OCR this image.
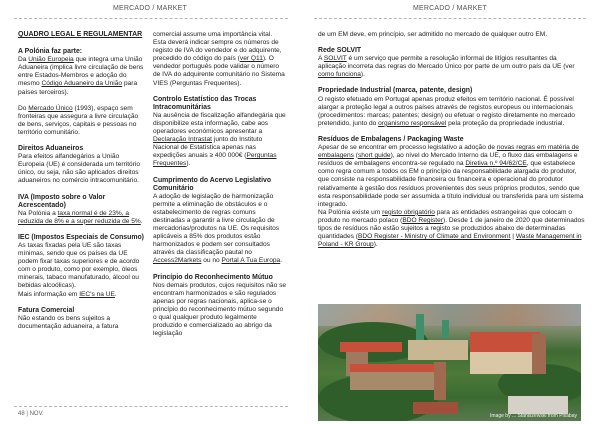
MERCADO / MARKET
QUADRO LEGAL E REGULAMENTAR

A Polónia faz parte:
Da União Europeia que integra uma União Aduaneira (implica livre circulação de bens entre Estados-Membros e adoção do mesmo Código Aduaneiro da União para países terceiros).

Do Mercado Único (1993), espaço sem fronteiras que assegura a livre circulação de bens, serviços, capitais e pessoas no território comunitário.

Direitos Aduaneiros
Para efeitos alfandegários a União Europeia (UE) é considerada um território único, ou seja, não são aplicados direitos aduaneiros no comércio intracomunitário.

IVA (Imposto sobre o Valor Acrescentado)
Na Polónia a taxa normal é de 23%, a reduzida de 8% e a super reduzida de 5%.

IEC (Impostos Especiais de Consumo)
As taxas fixadas pela UE são taxas mínimas, sendo que os países da UE podem fixar taxas superiores e de acordo com o produto, como por exemplo, óleos minerais, tabaco manufaturado, álcool ou bebidas alcoólicas).
Mais informação em IEC's na UE.

Fatura Comercial
Não estando os bens sujeitos a documentação aduaneira, a fatura

comercial assume uma importância vital. Esta deverá indicar sempre os números de registo de IVA do vendedor e do adquirente, precedido do código do país (ver Q11). O vendedor português pode validar o número de IVA do adquirente comunitário no Sistema VIES (Perguntas Frequentes).

Controlo Estatístico das Trocas Intracomunitárias
Na ausência de fiscalização alfandegária que disponibilize esta informação, cabe aos operadores económicos apresentar a Declaração Intrastat junto do Instituto Nacional de Estatística apenas nas expedições anuais ≥ 400 000€ (Perguntas Frequentes).

Cumprimento do Acervo Legislativo Comunitário
A adoção de legislação de harmonização permite a eliminação de obstáculos e o estabelecimento de regras comuns destinadas a garantir a livre circulação de mercadorias/produtos na UE. Os requisitos aplicáveis a 85% dos produtos estão harmonizados e podem ser consultados através da classificação pautal no Access2Markets ou no Portal A Tua Europa.

Princípio do Reconhecimento Mútuo
Nos demais produtos, cujos requisitos não se encontram harmonizados e são regulados apenas por regras nacionais, aplica-se o princípio do reconhecimento mútuo segundo o qual qualquer produto legalmente produzido e comercializado ao abrigo da legislação

48 | NOV.
MERCADO / MARKET

de um EM deve, em princípio, ser admitido no mercado de qualquer outro EM.

Rede SOLVIT
A SOLVIT é um serviço que permite a resolução informal de litígios resultantes da aplicação incorreta das regras do Mercado Único por parte de um outro país da UE (ver como funciona).

Propriedade Industrial (marca, patente, design)
O registo efetuado em Portugal apenas produz efeitos em território nacional. É possível alargar a proteção legal a outros países através de registos europeus ou internacionais (procedimentos: marcas; patentes; design) ou efetuar o registo diretamente no mercado pretendido, junto do organismo responsável pela proteção da propriedade industrial.

Resíduos de Embalagens / Packaging Waste
Apesar de se encontrar em processo legislativo a adoção de novas regras em matéria de embalagens (short guide), ao nível do Mercado Interno da UE, o fluxo das embalagens e resíduos de embalagens encontra-se regulado na Diretiva n.º 94/62/CE, que estabelece como regra comum a todos os EM o princípio da responsabilidade alargada do produtor, que consiste na responsabilidade financeira ou financeira e operacional do produtor relativamente à gestão dos resíduos provenientes dos seus próprios produtos, sendo que esta responsabilidade pode ser assumida a título individual ou transferida para um sistema integrado.
Na Polónia existe um registo obrigatório para as entidades estrangeiras que colocam o produto no mercado polaco (BDO Register). Desde 1 de janeiro de 2020 que determinados tipos de resíduos não estão sujeitos a registo se produzidos abaixo de determinadas quantidades (BDO Register - Ministry of Climate and Environment | Waste Management in Poland - KR Group).

Image by ... Staniszewski from Pixabay
